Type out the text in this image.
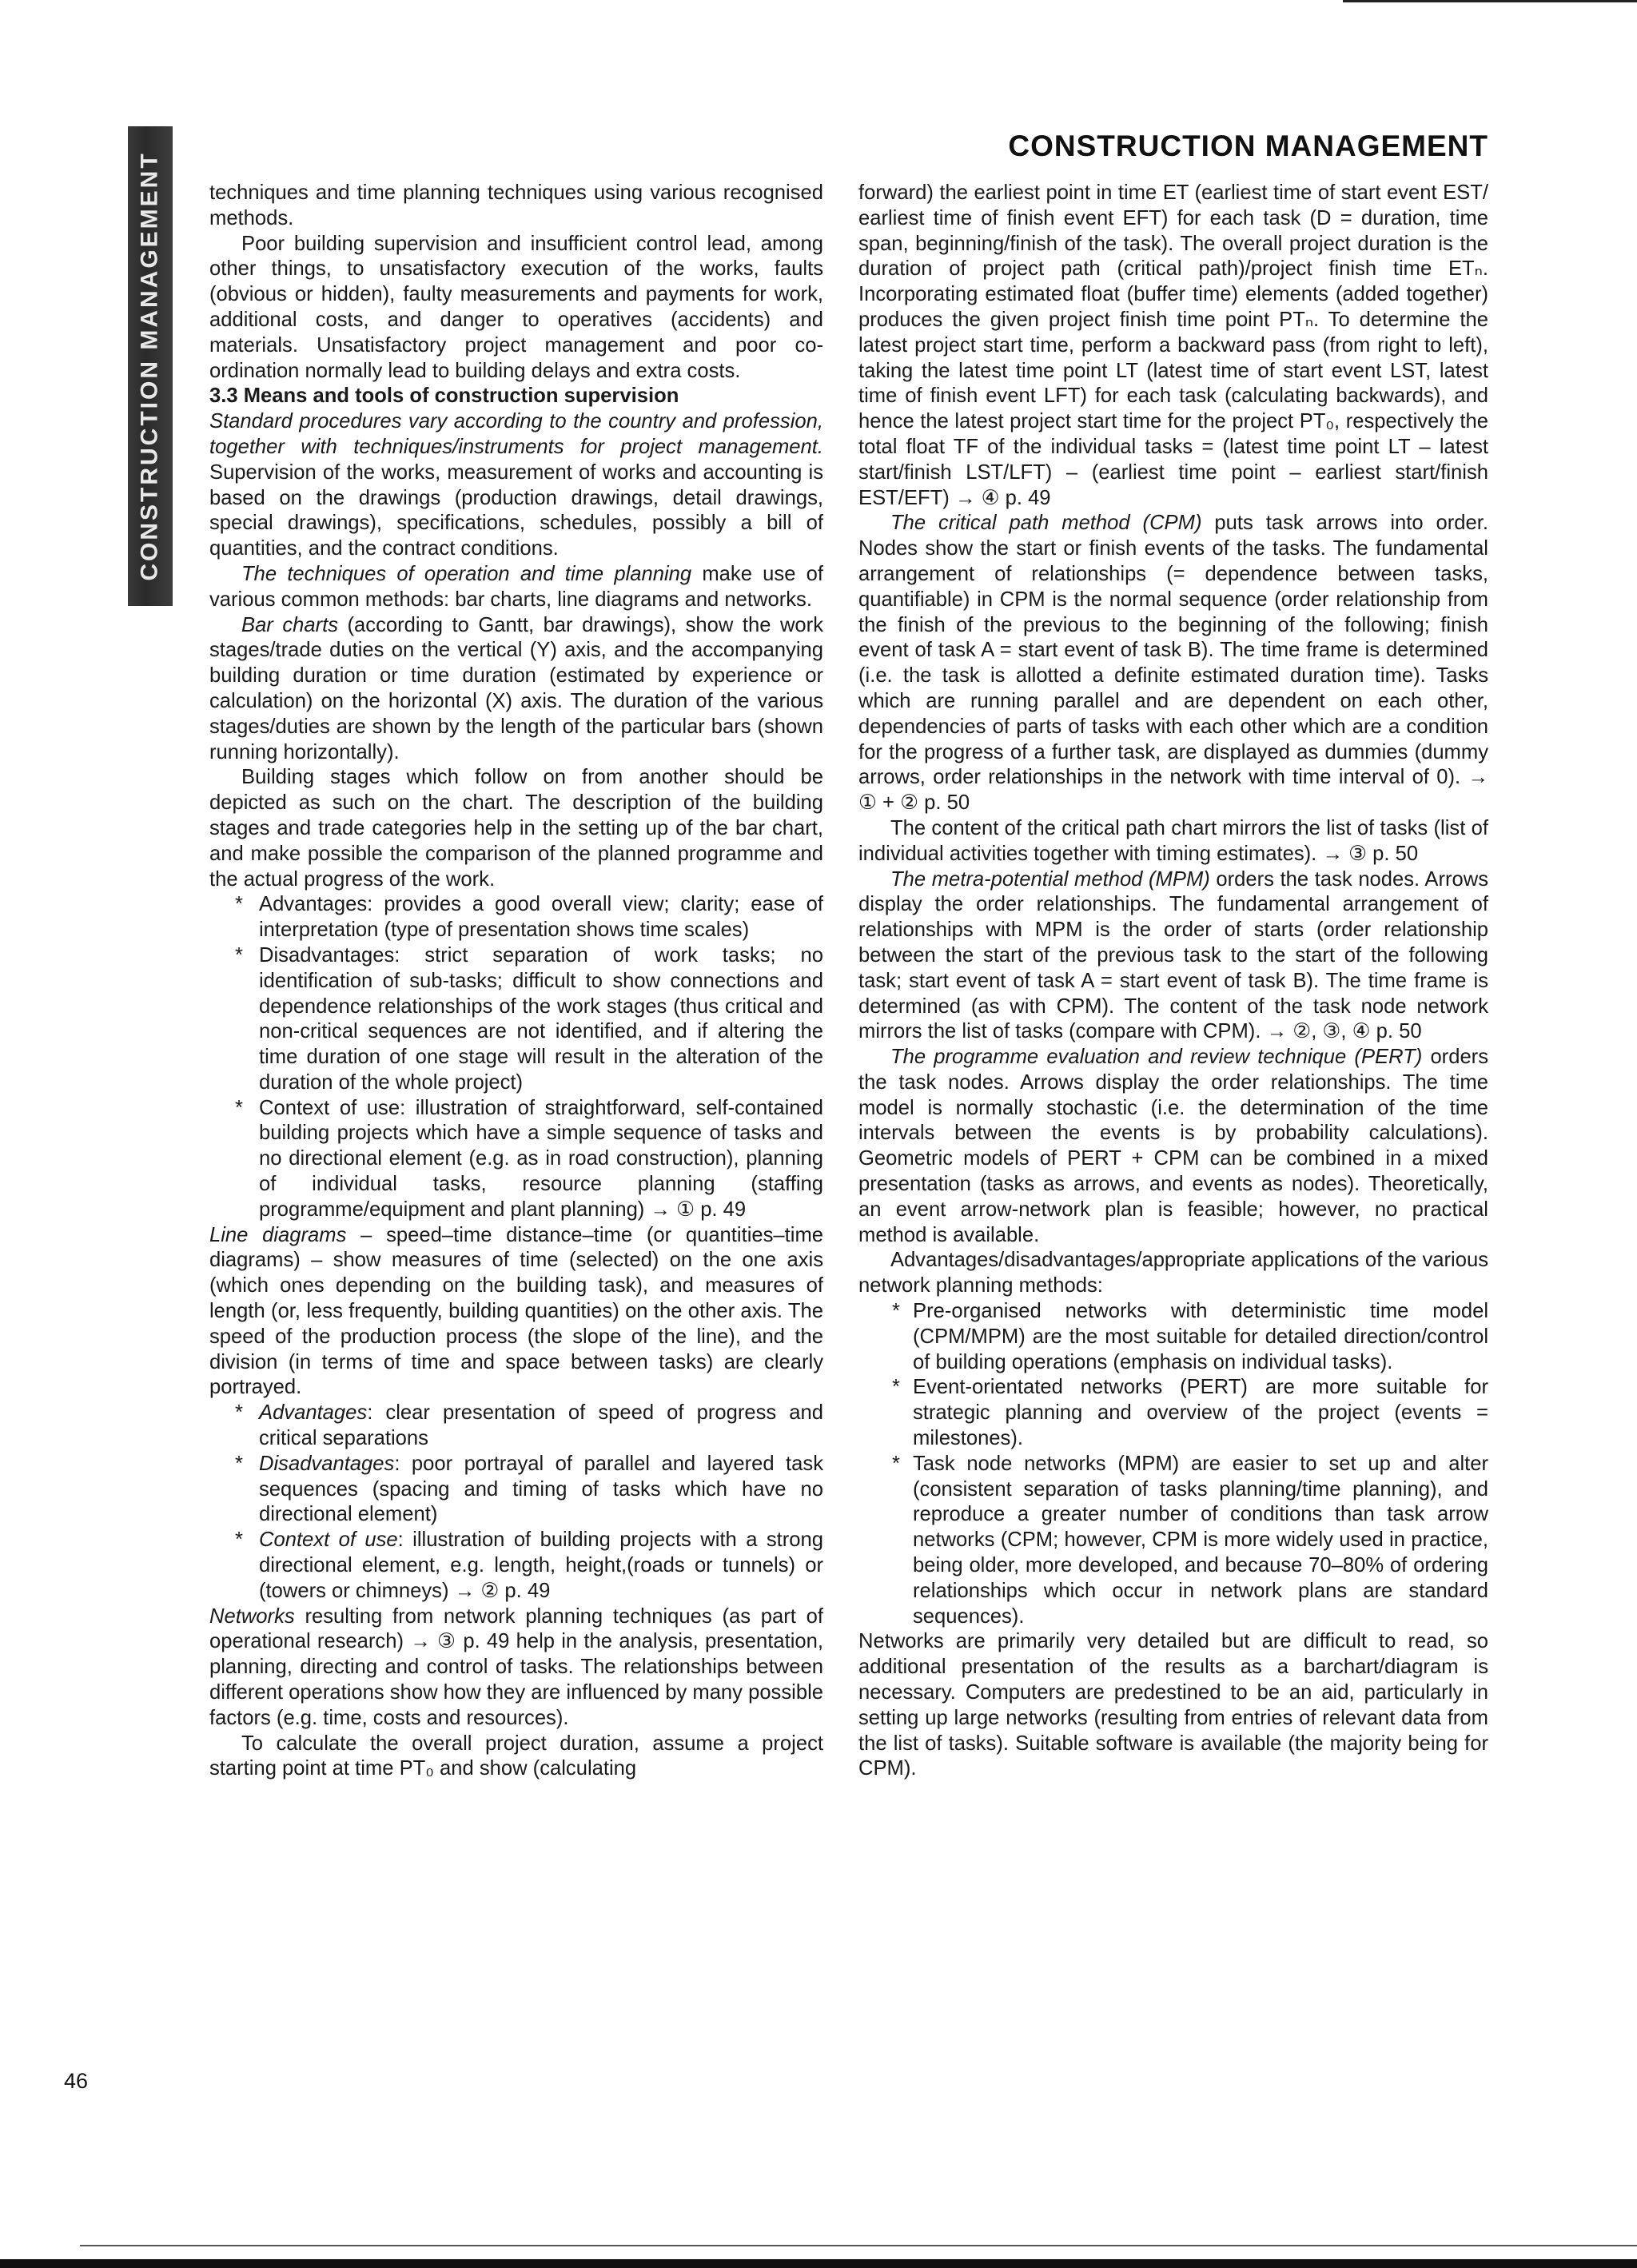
CONSTRUCTION MANAGEMENT
CONSTRUCTION MANAGEMENT

techniques and time planning techniques using various recognised methods.

Poor building supervision and insufficient control lead, among other things, to unsatisfactory execution of the works, faults (obvious or hidden), faulty measurements and payments for work, additional costs, and danger to operatives (accidents) and materials. Unsatisfactory project management and poor co-ordination normally lead to building delays and extra costs.

3.3 Means and tools of construction supervision

Standard procedures vary according to the country and profession, together with techniques/instruments for project management. Supervision of the works, measurement of works and accounting is based on the drawings (production drawings, detail drawings, special drawings), specifications, schedules, possibly a bill of quantities, and the contract conditions.

The techniques of operation and time planning make use of various common methods: bar charts, line diagrams and networks.

Bar charts (according to Gantt, bar drawings), show the work stages/trade duties on the vertical (Y) axis, and the accompanying building duration or time duration (estimated by experience or calculation) on the horizontal (X) axis. The duration of the various stages/duties are shown by the length of the particular bars (shown running horizontally).

Building stages which follow on from another should be depicted as such on the chart. The description of the building stages and trade categories help in the setting up of the bar chart, and make possible the comparison of the planned programme and the actual progress of the work.

* Advantages: provides a good overall view; clarity; ease of interpretation (type of presentation shows time scales)
* Disadvantages: strict separation of work tasks; no identification of sub-tasks; difficult to show connections and dependence relationships of the work stages (thus critical and non-critical sequences are not identified, and if altering the time duration of one stage will result in the alteration of the duration of the whole project)
* Context of use: illustration of straightforward, self-contained building projects which have a simple sequence of tasks and no directional element (e.g. as in road construction), planning of individual tasks, resource planning (staffing programme/equipment and plant planning) → ① p. 49

Line diagrams – speed–time distance–time (or quantities–time diagrams) – show measures of time (selected) on the one axis (which ones depending on the building task), and measures of length (or, less frequently, building quantities) on the other axis. The speed of the production process (the slope of the line), and the division (in terms of time and space between tasks) are clearly portrayed.

* Advantages: clear presentation of speed of progress and critical separations
* Disadvantages: poor portrayal of parallel and layered task sequences (spacing and timing of tasks which have no directional element)
* Context of use: illustration of building projects with a strong directional element, e.g. length, height,(roads or tunnels) or (towers or chimneys) → ② p. 49

Networks resulting from network planning techniques (as part of operational research) → ③ p. 49 help in the analysis, presentation, planning, directing and control of tasks. The relationships between different operations show how they are influenced by many possible factors (e.g. time, costs and resources).

To calculate the overall project duration, assume a project starting point at time PT₀ and show (calculating

forward) the earliest point in time ET (earliest time of start event EST/ earliest time of finish event EFT) for each task (D = duration, time span, beginning/finish of the task). The overall project duration is the duration of project path (critical path)/project finish time ETₙ. Incorporating estimated float (buffer time) elements (added together) produces the given project finish time point PTₙ. To determine the latest project start time, perform a backward pass (from right to left), taking the latest time point LT (latest time of start event LST, latest time of finish event LFT) for each task (calculating backwards), and hence the latest project start time for the project PT₀, respectively the total float TF of the individual tasks = (latest time point LT – latest start/finish LST/LFT) – (earliest time point – earliest start/finish EST/EFT) → ④ p. 49

The critical path method (CPM) puts task arrows into order. Nodes show the start or finish events of the tasks. The fundamental arrangement of relationships (= dependence between tasks, quantifiable) in CPM is the normal sequence (order relationship from the finish of the previous to the beginning of the following; finish event of task A = start event of task B). The time frame is determined (i.e. the task is allotted a definite estimated duration time). Tasks which are running parallel and are dependent on each other, dependencies of parts of tasks with each other which are a condition for the progress of a further task, are displayed as dummies (dummy arrows, order relationships in the network with time interval of 0). → ① + ② p. 50

The content of the critical path chart mirrors the list of tasks (list of individual activities together with timing estimates). → ③ p. 50

The metra-potential method (MPM) orders the task nodes. Arrows display the order relationships. The fundamental arrangement of relationships with MPM is the order of starts (order relationship between the start of the previous task to the start of the following task; start event of task A = start event of task B). The time frame is determined (as with CPM). The content of the task node network mirrors the list of tasks (compare with CPM). → ②, ③, ④ p. 50

The programme evaluation and review technique (PERT) orders the task nodes. Arrows display the order relationships. The time model is normally stochastic (i.e. the determination of the time intervals between the events is by probability calculations). Geometric models of PERT + CPM can be combined in a mixed presentation (tasks as arrows, and events as nodes). Theoretically, an event arrow-network plan is feasible; however, no practical method is available.

Advantages/disadvantages/appropriate applications of the various network planning methods:

* Pre-organised networks with deterministic time model (CPM/MPM) are the most suitable for detailed direction/control of building operations (emphasis on individual tasks).
* Event-orientated networks (PERT) are more suitable for strategic planning and overview of the project (events = milestones).
* Task node networks (MPM) are easier to set up and alter (consistent separation of tasks planning/time planning), and reproduce a greater number of conditions than task arrow networks (CPM; however, CPM is more widely used in practice, being older, more developed, and because 70–80% of ordering relationships which occur in network plans are standard sequences).

Networks are primarily very detailed but are difficult to read, so additional presentation of the results as a barchart/diagram is necessary. Computers are predestined to be an aid, particularly in setting up large networks (resulting from entries of relevant data from the list of tasks). Suitable software is available (the majority being for CPM).

46
